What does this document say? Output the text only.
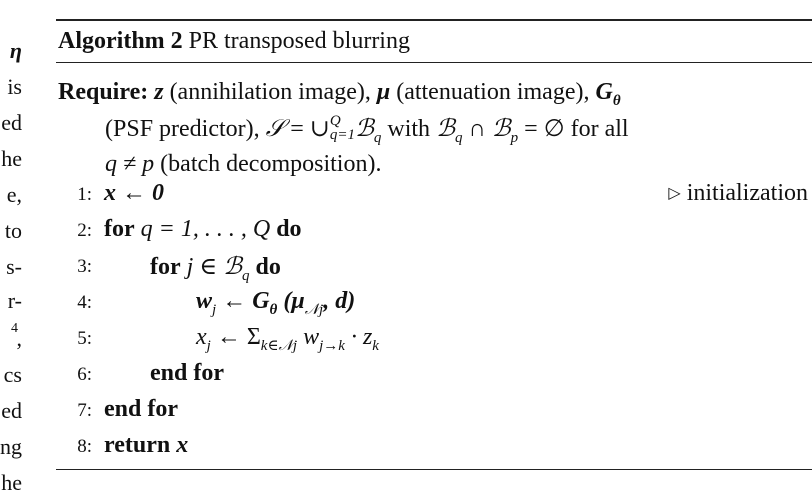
η
is
ed
he
e,
to
s-
r-
4
,
cs
ed
ng
he
Algorithm 2 PR transposed blurring
Require: z (annihilation image), μ (attenuation image), $G_\theta$
(PSF predictor), 𝒮 = ∪Q
q=1ℬ$_q$ with ℬ$_q$ ∩ ℬ$_p$ = ∅ for all
q ≠ p (batch decomposition).
1: x ← 0	▷ initialization
2: for q = 1, . . . , Q do
3: for j ∈ ℬ$_q$ do
4:	$w_j$ ← $G_\theta$ ($\mu_{𝒩j}$, d)
5:	$x_j$ ← $\Sigma_{k\in 𝒩j}$ $w_{j\to k} \cdot z_k$
6: end for
7: end for
8: return x
